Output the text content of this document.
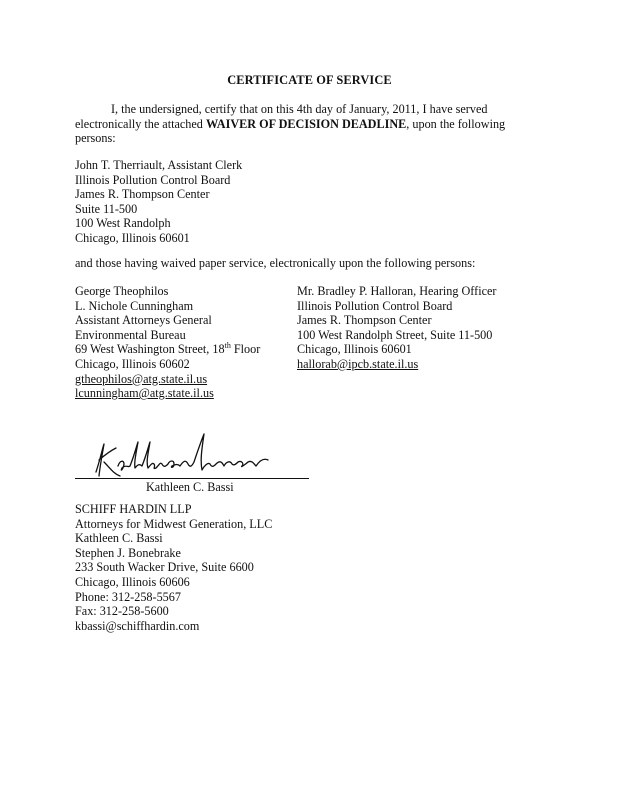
CERTIFICATE OF SERVICE
I, the undersigned, certify that on this 4th day of January, 2011, I have served electronically the attached WAIVER OF DECISION DEADLINE, upon the following persons:
John T. Therriault, Assistant Clerk
Illinois Pollution Control Board
James R. Thompson Center
Suite 11-500
100 West Randolph
Chicago, Illinois 60601
and those having waived paper service, electronically upon the following persons:
George Theophilos
L. Nichole Cunningham
Assistant Attorneys General
Environmental Bureau
69 West Washington Street, 18th Floor
Chicago, Illinois 60602
gtheophilos@atg.state.il.us
lcunningham@atg.state.il.us
Mr. Bradley P. Halloran, Hearing Officer
Illinois Pollution Control Board
James R. Thompson Center
100 West Randolph Street, Suite 11-500
Chicago, Illinois 60601
hallorab@ipcb.state.il.us
Kathleen C. Bassi
SCHIFF HARDIN LLP
Attorneys for Midwest Generation, LLC
Kathleen C. Bassi
Stephen J. Bonebrake
233 South Wacker Drive, Suite 6600
Chicago, Illinois 60606
Phone: 312-258-5567
Fax: 312-258-5600
kbassi@schiffhardin.com
